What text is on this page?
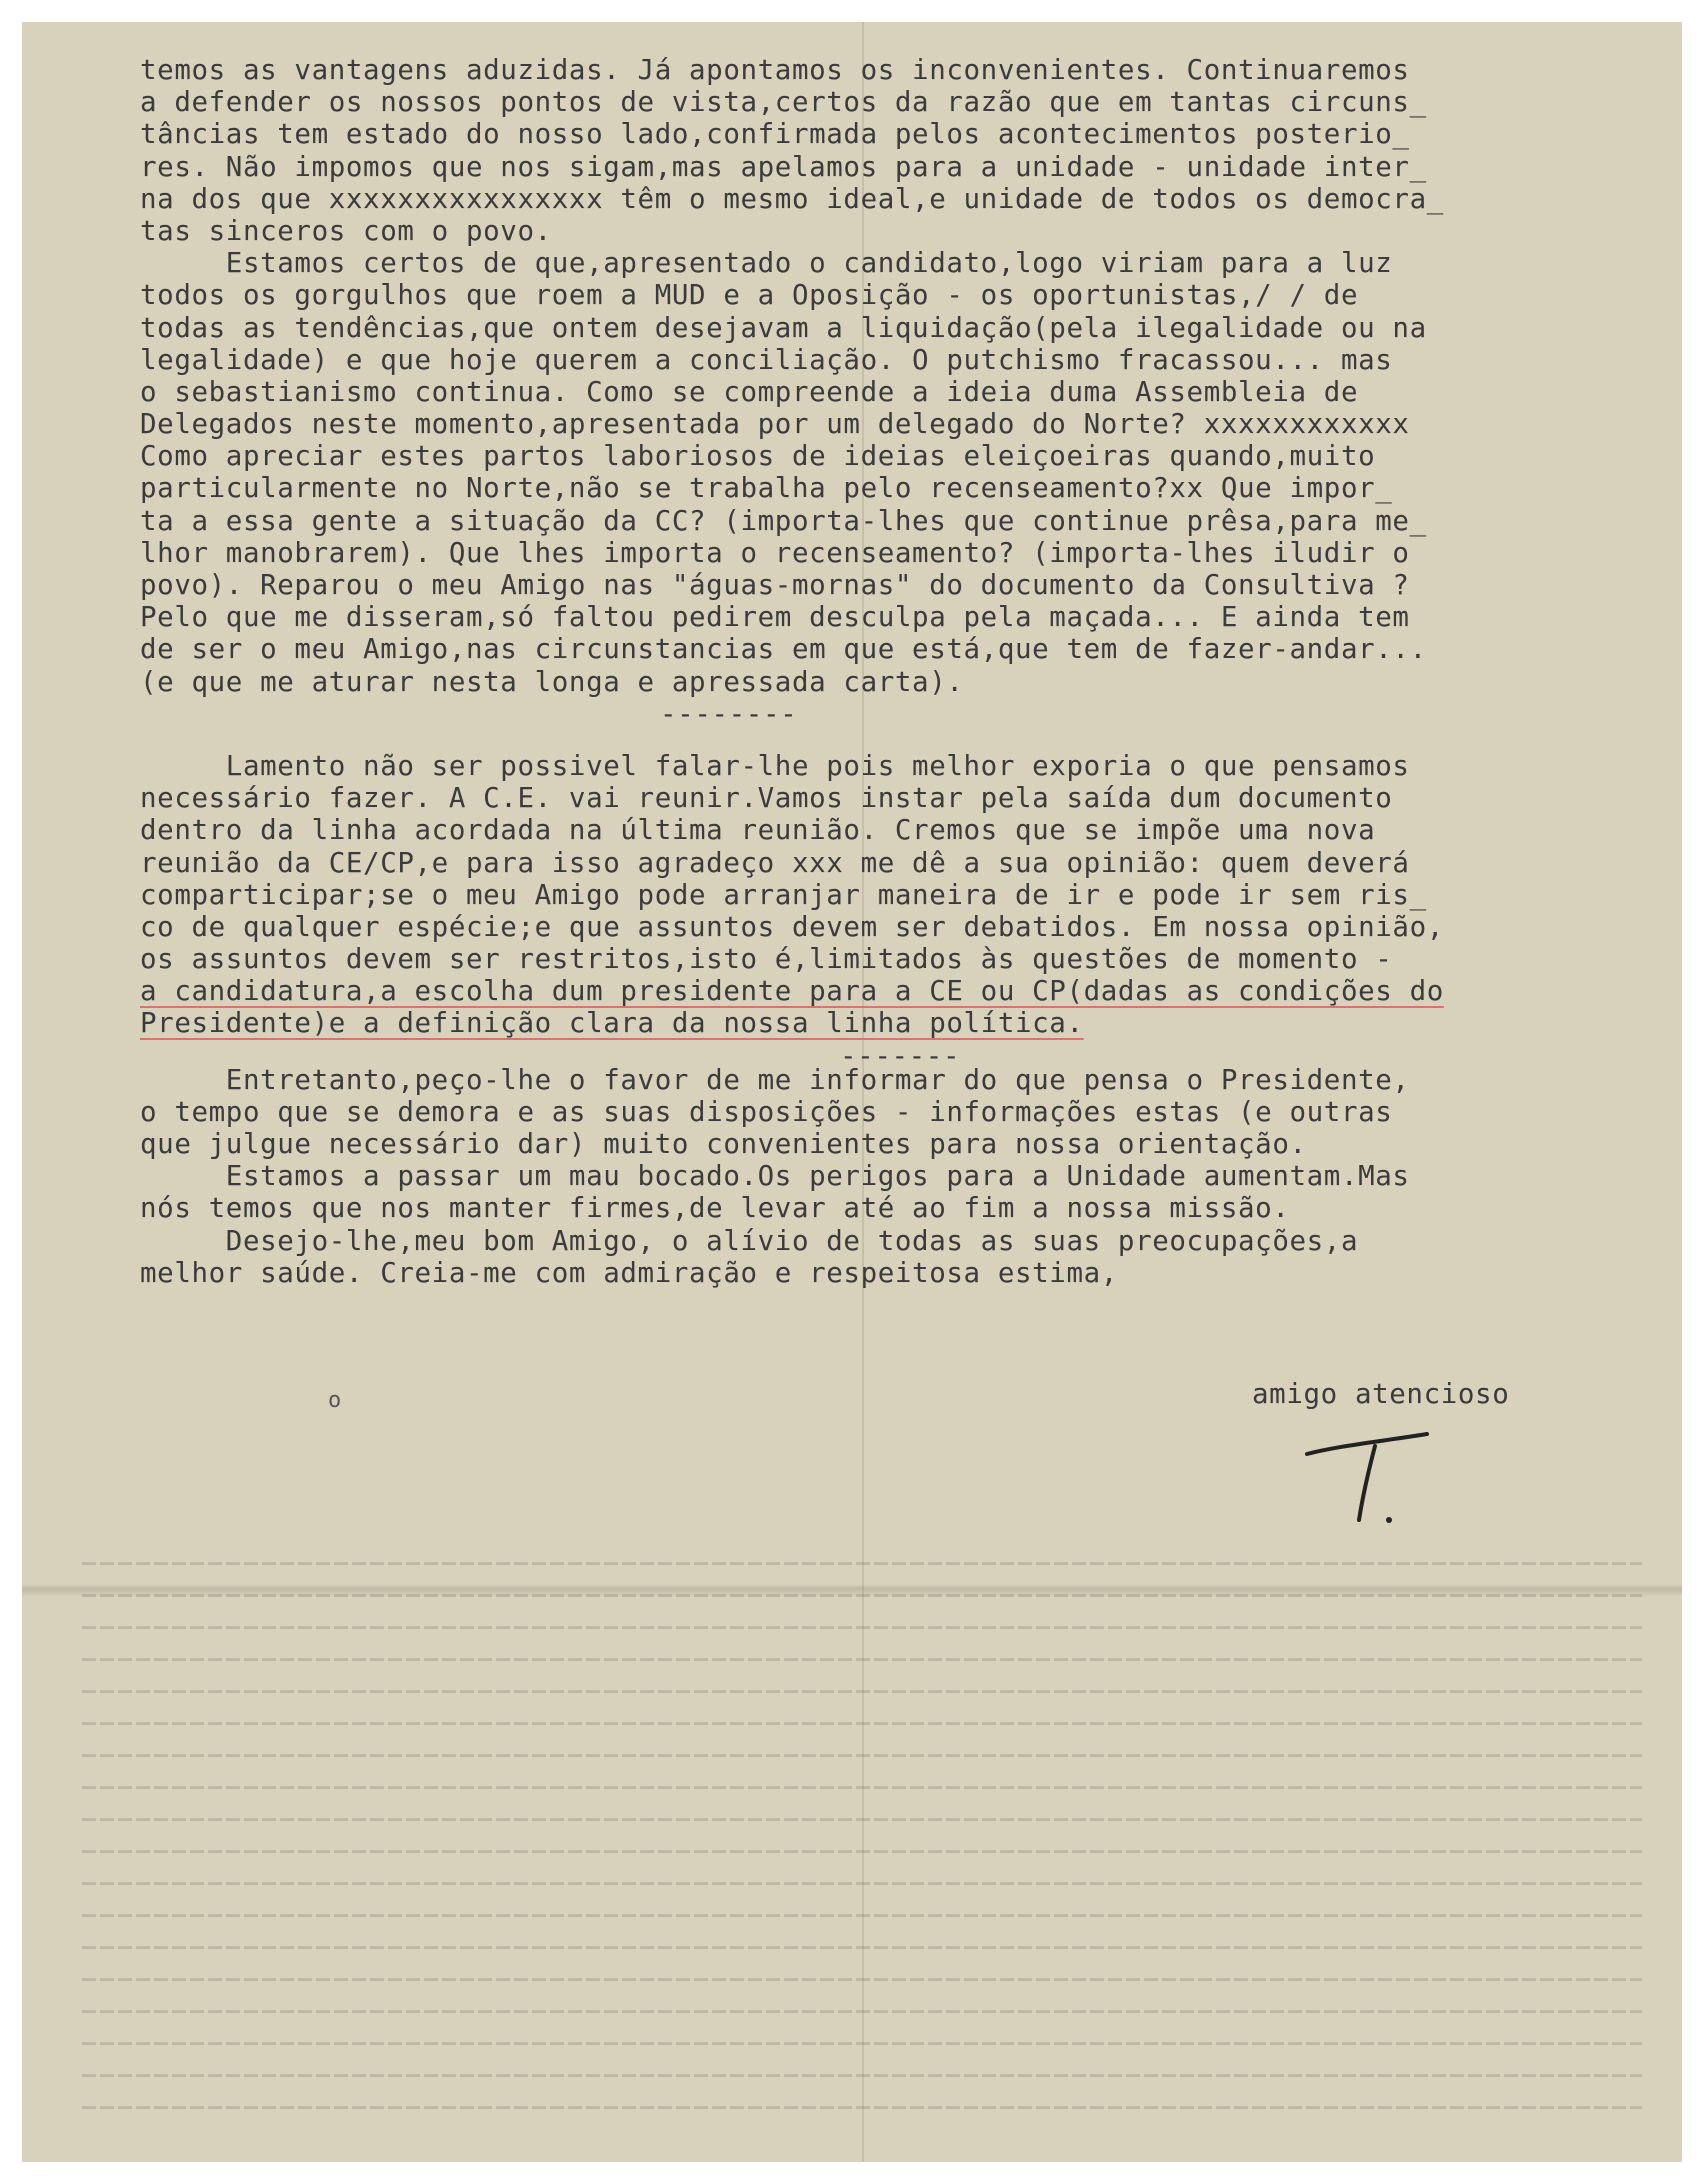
temos as vantagens aduzidas. Já apontamos os inconvenientes. Continuaremos
a defender os nossos pontos de vista,certos da razão que em tantas circuns_
tâncias tem estado do nosso lado,confirmada pelos acontecimentos posterio_
res. Não impomos que nos sigam,mas apelamos para a unidade - unidade inter_
na dos que xxxxxxxxxxxxxxxx têm o mesmo ideal,e unidade de todos os democra_
tas sinceros com o povo.
Estamos certos de que,apresentado o candidato,logo viriam para a luz
todos os gorgulhos que roem a MUD e a Oposição - os oportunistas,/ / de
todas as tendências,que ontem desejavam a liquidação(pela ilegalidade ou na
legalidade) e que hoje querem a conciliação. O putchismo fracassou... mas
o sebastianismo continua. Como se compreende a ideia duma Assembleia de
Delegados neste momento,apresentada por um delegado do Norte? xxxxxxxxxxxx
Como apreciar estes partos laboriosos de ideias eleiçoeiras quando,muito
particularmente no Norte,não se trabalha pelo recenseamento?xx Que impor_
ta a essa gente a situação da CC? (importa-lhes que continue prêsa,para me_
lhor manobrarem). Que lhes importa o recenseamento? (importa-lhes iludir o
povo). Reparou o meu Amigo nas "águas-mornas" do documento da Consultiva ?
Pelo que me disseram,só faltou pedirem desculpa pela maçada... E ainda tem
de ser o meu Amigo,nas circunstancias em que está,que tem de fazer-andar...
(e que me aturar nesta longa e apressada carta).
--------
Lamento não ser possivel falar-lhe pois melhor exporia o que pensamos
necessário fazer. A C.E. vai reunir.Vamos instar pela saída dum documento
dentro da linha acordada na última reunião. Cremos que se impõe uma nova
reunião da CE/CP,e para isso agradeço xxx me dê a sua opinião: quem deverá
comparticipar;se o meu Amigo pode arranjar maneira de ir e pode ir sem ris_
co de qualquer espécie;e que assuntos devem ser debatidos. Em nossa opinião,
os assuntos devem ser restritos,isto é,limitados às questões de momento -
a candidatura,a escolha dum presidente para a CE ou CP(dadas as condições do
Presidente)e a definição clara da nossa linha política.
-------
Entretanto,peço-lhe o favor de me informar do que pensa o Presidente,
o tempo que se demora e as suas disposições - informações estas (e outras
que julgue necessário dar) muito convenientes para nossa orientação.
Estamos a passar um mau bocado.Os perigos para a Unidade aumentam.Mas
nós temos que nos manter firmes,de levar até ao fim a nossa missão.
Desejo-lhe,meu bom Amigo, o alívio de todas as suas preocupações,a
melhor saúde. Creia-me com admiração e respeitosa estima,
o	amigo atencioso
